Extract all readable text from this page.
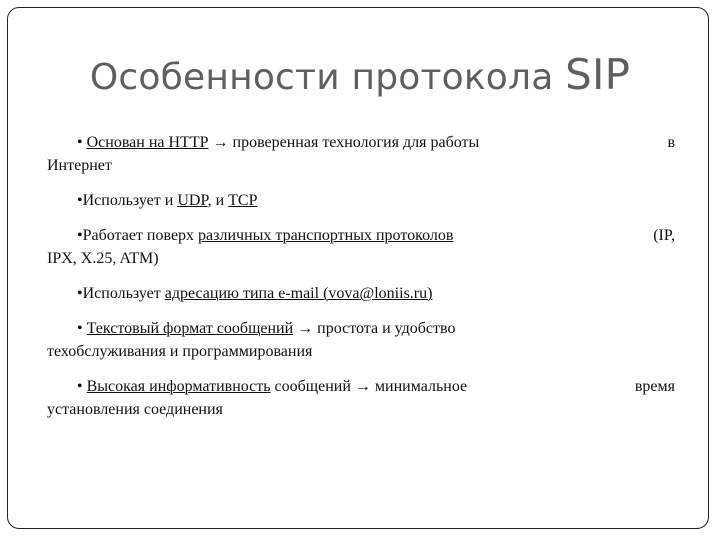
Особенности протокола SIP
• Основан на HTTP → проверенная технология для работы	в
Интернет
•Использует и UDP, и TCP
•Работает поверх различных транспортных протоколов	(IP,
IPX, X.25, ATM)
•Использует адресацию типа e-mail (vova@loniis.ru)
• Текстовый формат сообщений → простота и удобство
техобслуживания и программирования
• Высокая информативность сообщений → минимальное	время
установления соединения
